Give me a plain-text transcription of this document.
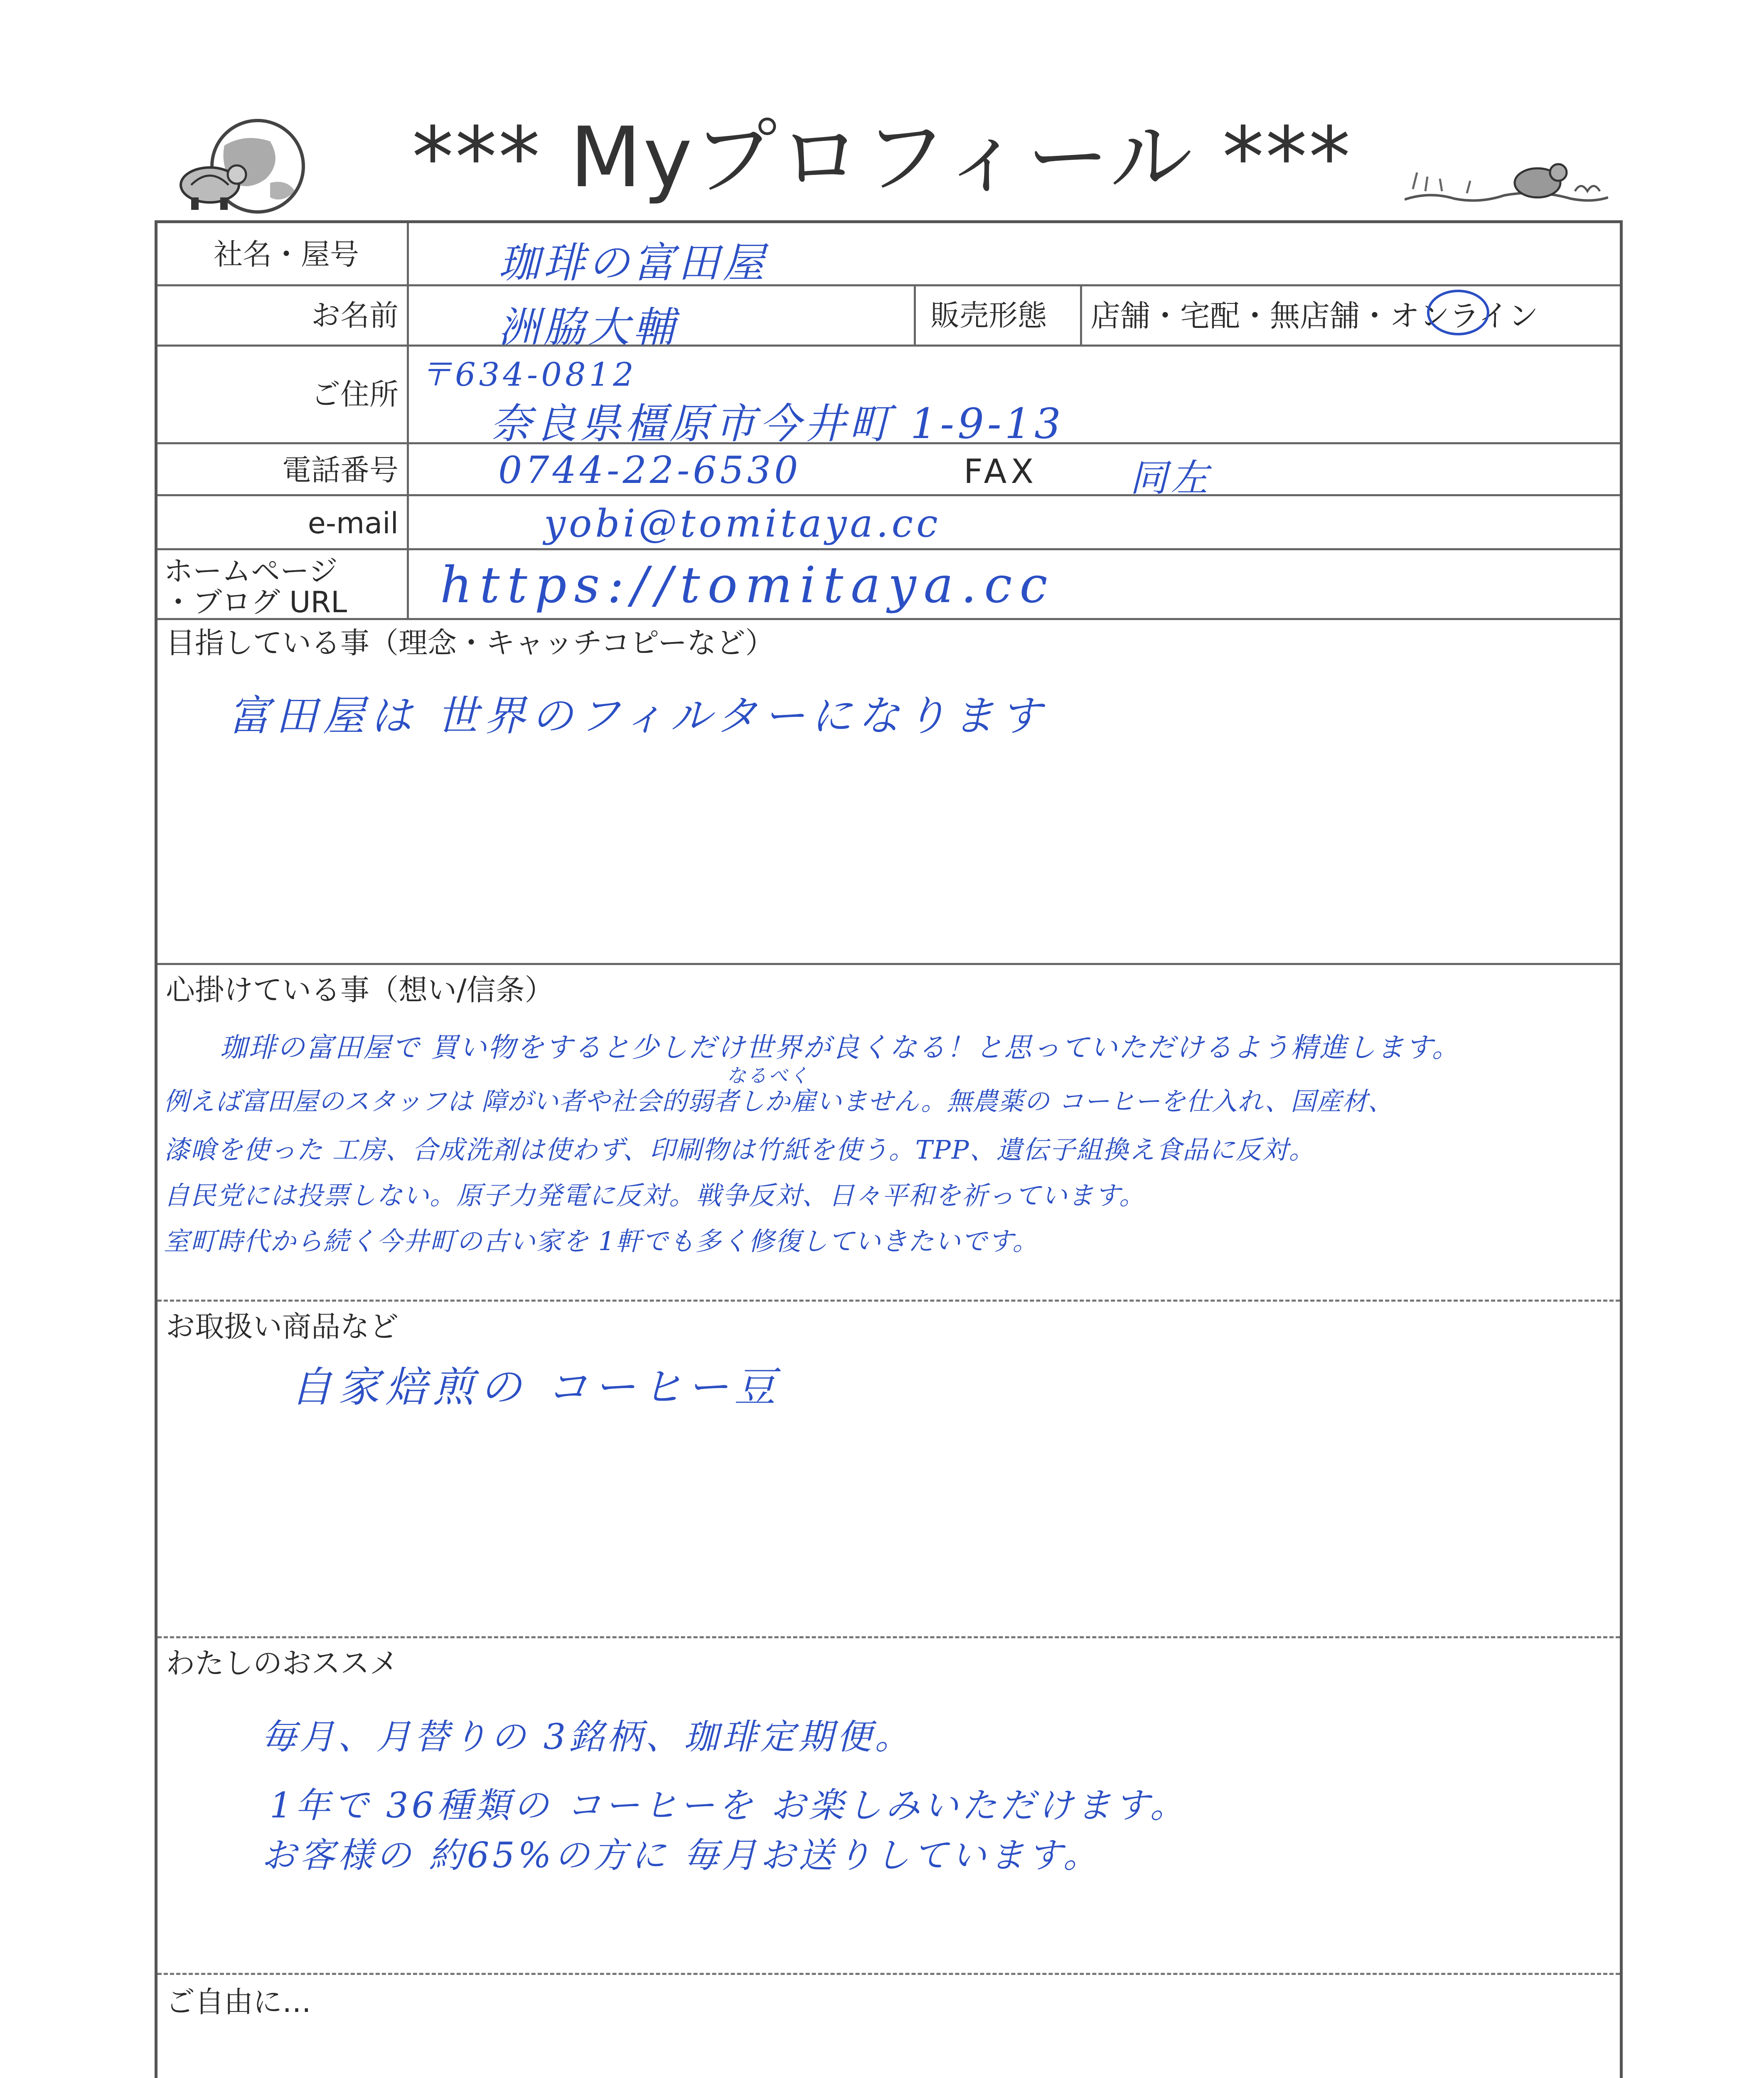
*** Myプロフィール ***
社名・屋号	珈琲の富田屋
お名前 洲脇大輔	販売形態 店舗・宅配・無店舗・オンライン
ご住所
〒634-0812
奈良県橿原市今井町 1-9-13
電話番号	0744-22-6530	FAX 同左
e-mail	yobi@tomitaya.cc
ホームページ
・ブログ URL https://tomitaya.cc
目指している事（理念・キャッチコピーなど）
富田屋は 世界のフィルターになります
心掛けている事（想い/信条）
なるべく
珈琲の富田屋で 買い物をすると少しだけ世界が良くなる！と思っていただけるよう精進します。
例えば富田屋のスタッフは 障がい者や社会的弱者しか雇いません。無農薬の コーヒーを仕入れ、国産材、
漆喰を使った 工房、合成洗剤は使わず、印刷物は竹紙を使う。TPP、遺伝子組換え食品に反対。
自民党には投票しない。原子力発電に反対。戦争反対、日々平和を祈っています。
室町時代から続く今井町の古い家を 1軒でも多く修復していきたいです。
お取扱い商品など
自家焙煎の コーヒー豆
わたしのおススメ
毎月、月替りの 3銘柄、珈琲定期便。
1年で 36種類の コーヒーを お楽しみいただけます。
お客様の 約65%の方に 毎月お送りしています。
ご自由に…
